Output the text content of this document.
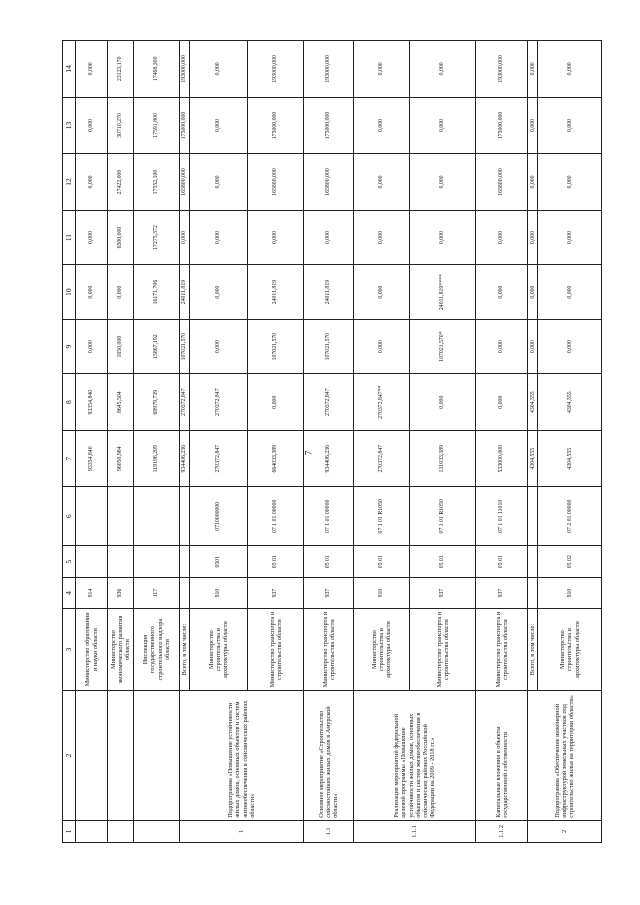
7
1	2	3	4	5	6	7	8	9	10	11	12	13	14
		Министерство образования и науки области	914			93354,840	93354,840	0,000	0,000	0,000	0,000	0,000	0,000
		Министерство экономического развития области	936			96050,984	8645,504	1650,000	0,000	6500,000	27422,000	30710,270	23123,170
		Инспекция государственного строительного надзора области	117			119196,209	69979,739	15867,192	16171,706	17275,372	17552,100	17591,800	17468,300
1	Подпрограмма «Повышение устойчивости жилых домов, основных объектов и систем жизнеобеспечения в сейсмических районах области»	Всего, в том числе:				934406,236	270372,847	107021,570	24011,819	0,000	165800,000	175000,000	193000,000
		Министерство строительства и архитектуры области	910	0501	0710000000	270372,847	270372,847	0,000	0,000	0,000	0,000	0,000	0,000
		Министерство транспорта и строительства области	937	05 01	07 1 01 00000	664033,389	0,000	107021,570	24011,819	0,000	165800,000	175000,000	193000,000
1.1	Основное мероприятие «Строительство сейсмостойких жилых домов в Амурской области»	Министерство транспорта и строительства области	937	05 01	07 1 01 00000	934406,236	270372,847	107021,570	24011,819	0,000	165800,000	175000,000	193000,000
1.1.1	Реализация мероприятий федеральной целевой программы «Повышение устойчивости жилых домов, основных объектов и систем жизнеобеспечения в сейсмических районах Российской Федерации на 2009 - 2018 гг.»	Министерство строительства и архитектуры области	910	05 01	07 1 01 R1050	270372,847	270372,847**	0,000	0,000	0,000	0,000	0,000	0,000
		Министерство транспорта и строительства области	937	05 01	07 1 01 R1050	131033,389	0,000	107021,570*	24011,819****	0,000	0,000	0,000	0,000
1.1.2	Капитальные вложения в объекты государственной собственности	Министерство транспорта и строительства области	937	05 01	07 1 01 11010	533000,000	0,000	0,000	0,000	0,000	165800,000	175000,000	193000,000
2	Подпрограмма «Обеспечение инженерной инфраструктурой земельных участков под строительство жилья на территории области»	Всего, в том числе:				4304,555	4304,555	0,000	0,000	0,000	0,000	0,000	0,000
		Министерство строительства и архитектуры области	910	05 02	07 2 01 00000	4304,555	4304,555	0,000	0,000	0,000	0,000	0,000	0,000
